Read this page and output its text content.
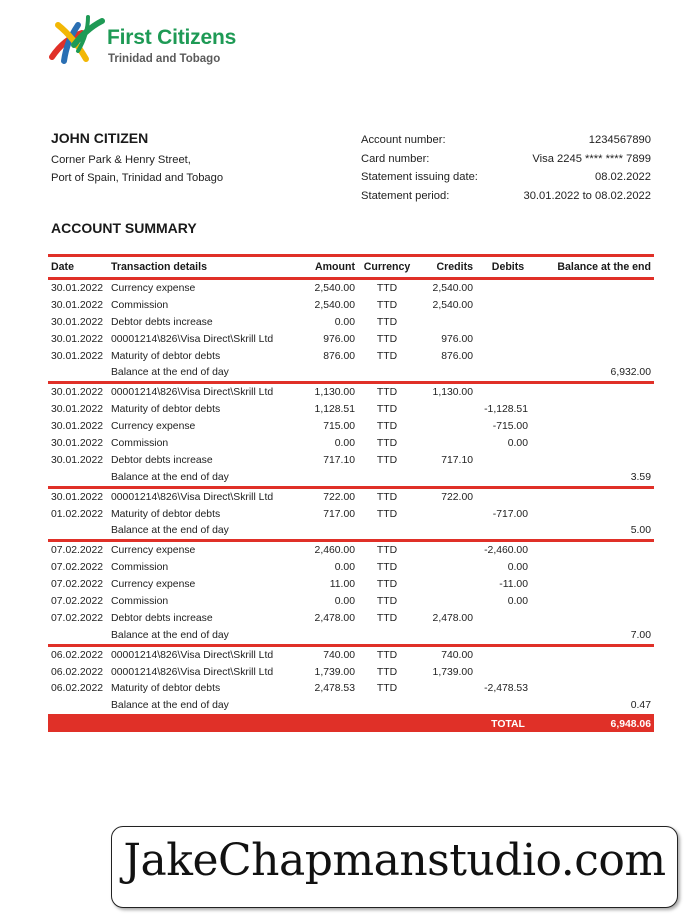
First Citizens
Trinidad and Tobago
JOHN CITIZEN
Corner Park & Henry Street,
Port of Spain, Trinidad and Tobago
Account number:	1234567890
Card number:	Visa 2245 **** **** 7899
Statement issuing date:	08.02.2022
Statement period:	30.01.2022 to 08.02.2022
ACCOUNT SUMMARY
Date	Transaction details	Amount	Currency	Credits	Debits	Balance at the end
30.01.2022	Currency expense	2,540.00	TTD	2,540.00		
30.01.2022	Commission	2,540.00	TTD	2,540.00		
30.01.2022	Debtor debts increase	0.00	TTD			
30.01.2022	00001214\826\Visa Direct\Skrill Ltd	976.00	TTD	976.00		
30.01.2022	Maturity of debtor debts	876.00	TTD	876.00		
	Balance at the end of day					6,932.00
30.01.2022	00001214\826\Visa Direct\Skrill Ltd	1,130.00	TTD	1,130.00		
30.01.2022	Maturity of debtor debts	1,128.51	TTD		-1,128.51	
30.01.2022	Currency expense	715.00	TTD		-715.00	
30.01.2022	Commission	0.00	TTD		0.00	
30.01.2022	Debtor debts increase	717.10	TTD	717.10		
	Balance at the end of day					3.59
30.01.2022	00001214\826\Visa Direct\Skrill Ltd	722.00	TTD	722.00		
01.02.2022	Maturity of debtor debts	717.00	TTD		-717.00	
	Balance at the end of day					5.00
07.02.2022	Currency expense	2,460.00	TTD		-2,460.00	
07.02.2022	Commission	0.00	TTD		0.00	
07.02.2022	Currency expense	11.00	TTD		-11.00	
07.02.2022	Commission	0.00	TTD		0.00	
07.02.2022	Debtor debts increase	2,478.00	TTD	2,478.00		
	Balance at the end of day					7.00
06.02.2022	00001214\826\Visa Direct\Skrill Ltd	740.00	TTD	740.00		
06.02.2022	00001214\826\Visa Direct\Skrill Ltd	1,739.00	TTD	1,739.00		
06.02.2022	Maturity of debtor debts	2,478.53	TTD		-2,478.53	
	Balance at the end of day					0.47
					TOTAL	6,948.06
JakeChapmanstudio.com
